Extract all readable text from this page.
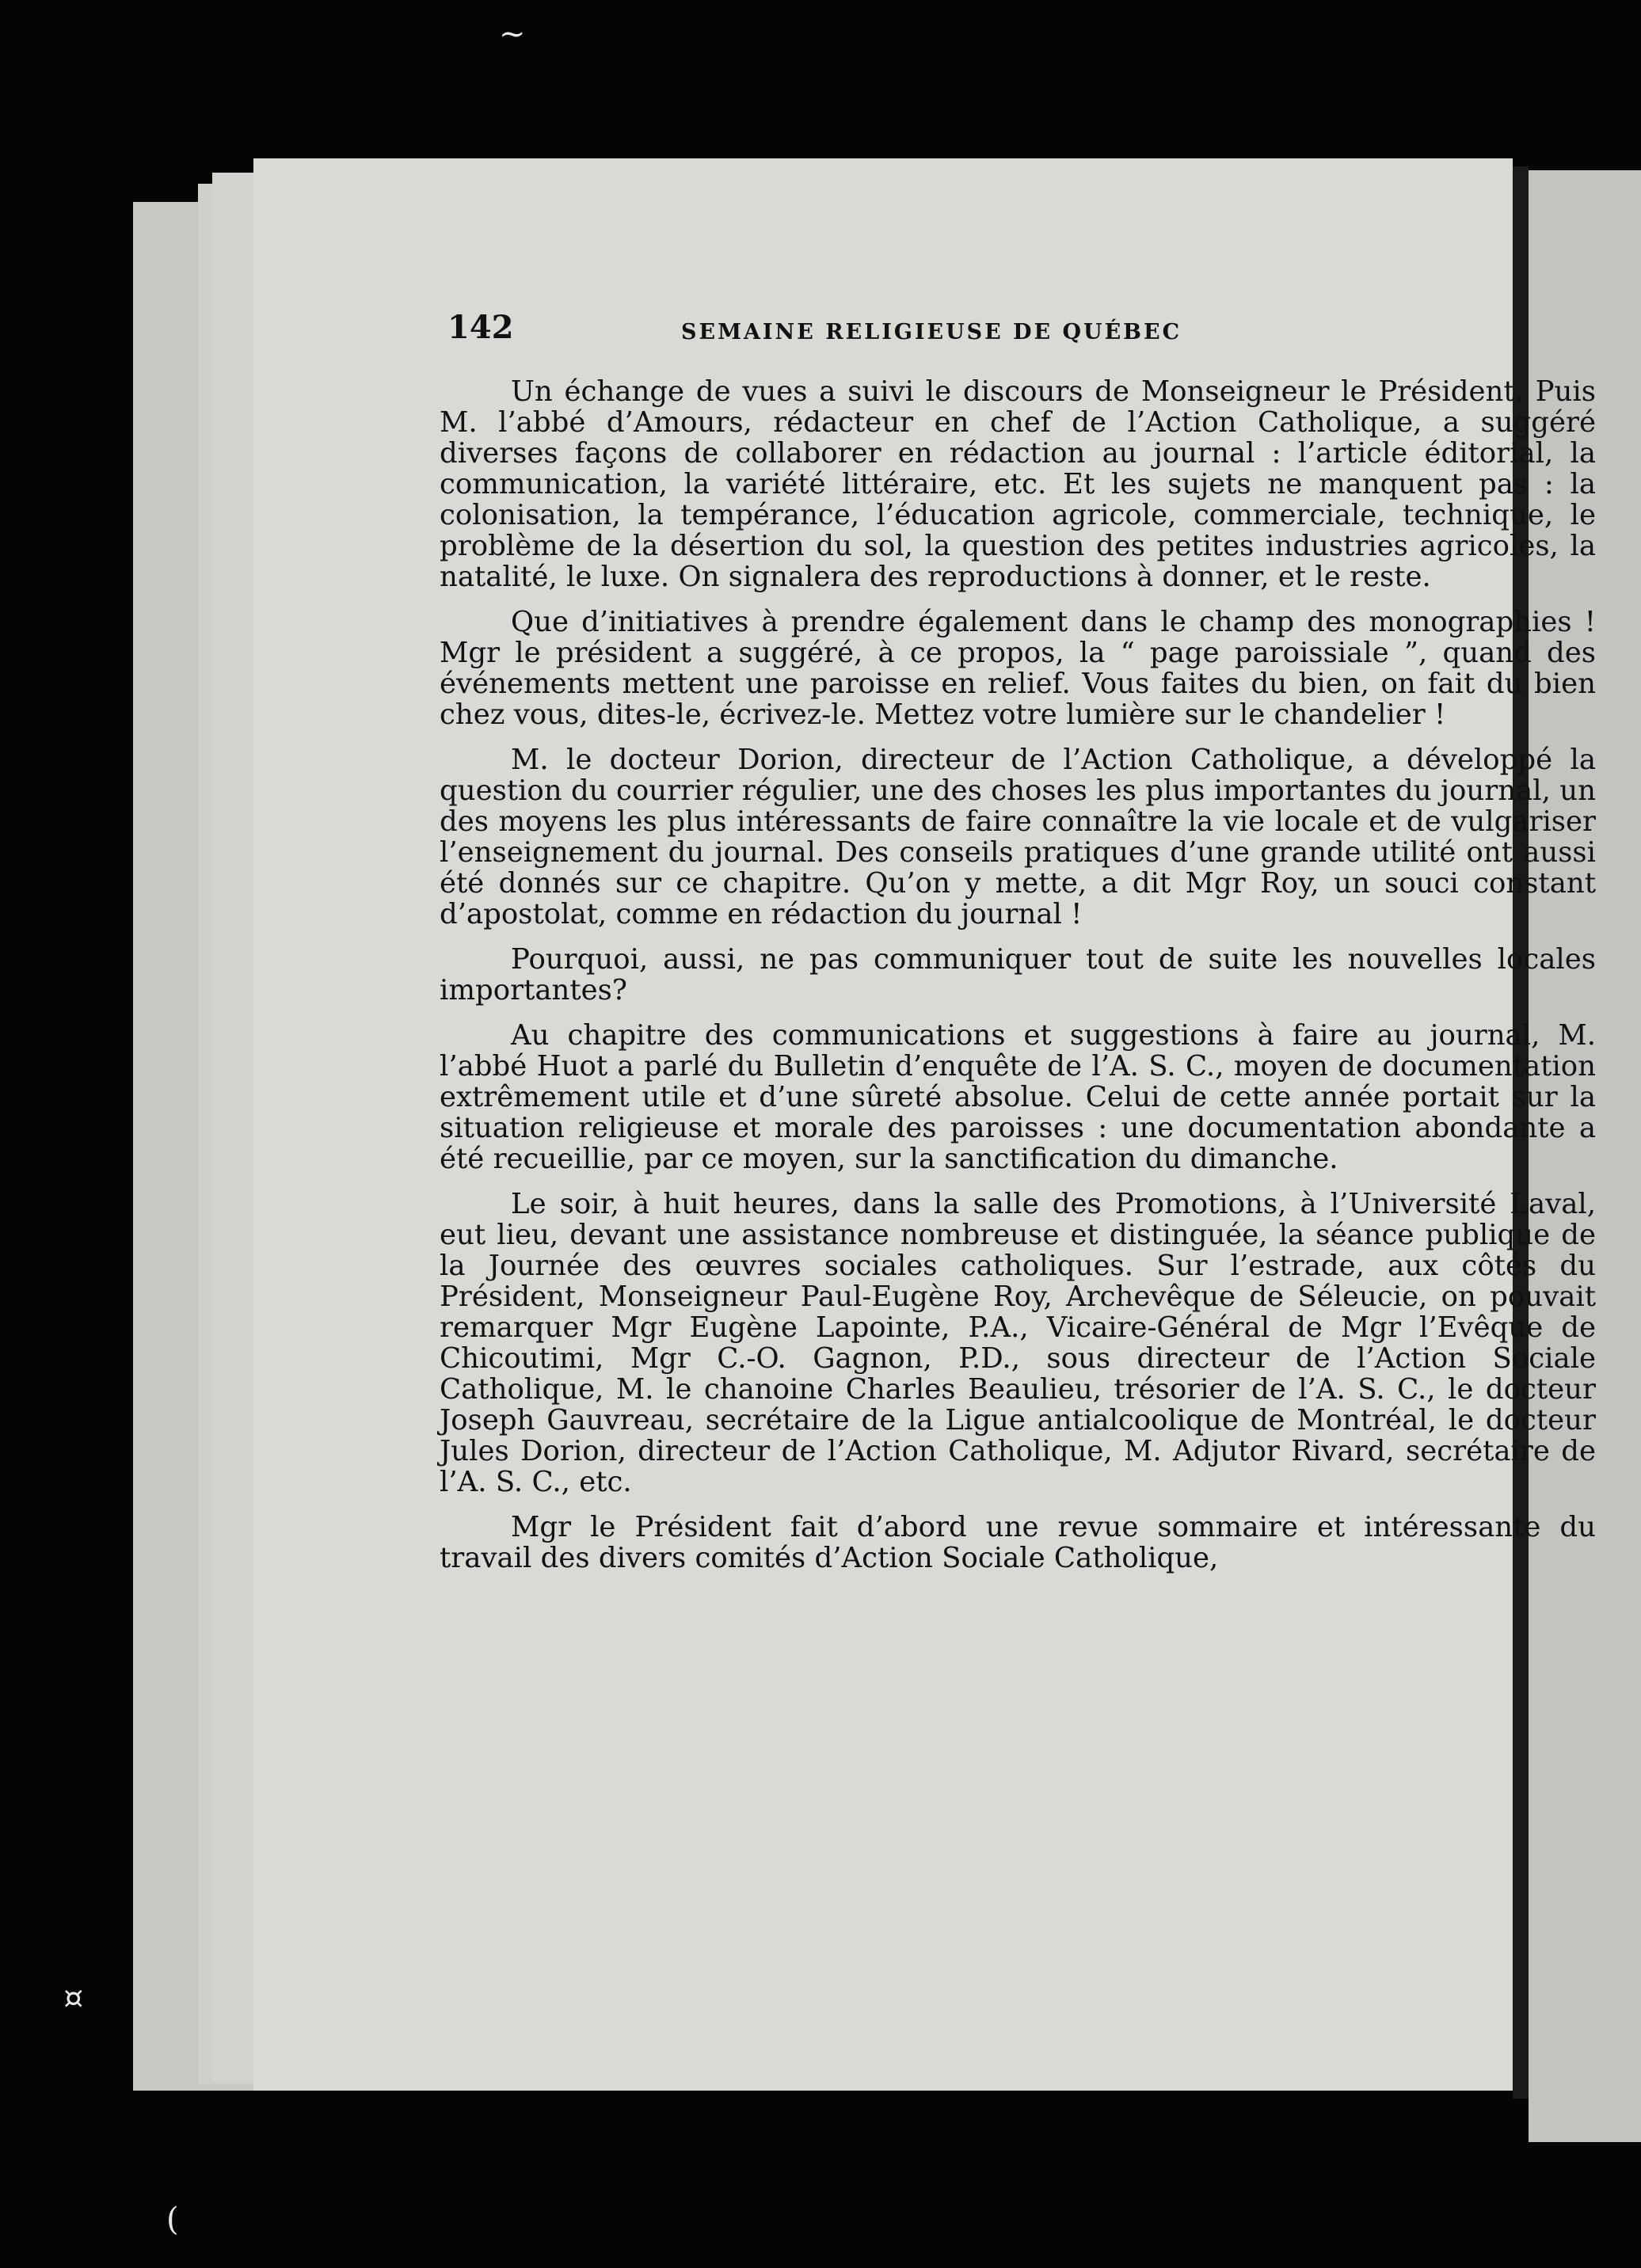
142	SEMAINE RELIGIEUSE DE QUÉBEC

Un échange de vues a suivi le discours de Monseigneur le Président. Puis M. l’abbé d’Amours, rédacteur en chef de l’Action Catholique, a suggéré diverses façons de collaborer en rédaction au journal : l’article éditorial, la communication, la variété littéraire, etc. Et les sujets ne manquent pas : la colonisation, la tempérance, l’éducation agricole, commerciale, technique, le problème de la désertion du sol, la question des petites industries agricoles, la natalité, le luxe. On signalera des reproductions à donner, et le reste.

Que d’initiatives à prendre également dans le champ des monographies ! Mgr le président a suggéré, à ce propos, la “ page paroissiale ”, quand des événements mettent une paroisse en relief. Vous faites du bien, on fait du bien chez vous, dites-le, écrivez-le. Mettez votre lumière sur le chandelier !

M. le docteur Dorion, directeur de l’Action Catholique, a développé la question du courrier régulier, une des choses les plus importantes du journal, un des moyens les plus intéressants de faire connaître la vie locale et de vulgariser l’enseignement du journal. Des conseils pratiques d’une grande utilité ont aussi été donnés sur ce chapitre. Qu’on y mette, a dit Mgr Roy, un souci constant d’apostolat, comme en rédaction du journal !

Pourquoi, aussi, ne pas communiquer tout de suite les nouvelles locales importantes?

Au chapitre des communications et suggestions à faire au journal, M. l’abbé Huot a parlé du Bulletin d’enquête de l’A. S. C., moyen de documentation extrêmement utile et d’une sûreté absolue. Celui de cette année portait sur la situation religieuse et morale des paroisses : une documentation abondante a été recueillie, par ce moyen, sur la sanctification du dimanche.

Le soir, à huit heures, dans la salle des Promotions, à l’Université Laval, eut lieu, devant une assistance nombreuse et distinguée, la séance publique de la Journée des œuvres sociales catholiques. Sur l’estrade, aux côtés du Président, Monseigneur Paul-Eugène Roy, Archevêque de Séleucie, on pouvait remarquer Mgr Eugène Lapointe, P.A., Vicaire-Général de Mgr l’Evêque de Chicoutimi, Mgr C.-O. Gagnon, P.D., sous directeur de l’Action Sociale Catholique, M. le chanoine Charles Beaulieu, trésorier de l’A. S. C., le docteur Joseph Gauvreau, secrétaire de la Ligue antialcoolique de Montréal, le docteur Jules Dorion, directeur de l’Action Catholique, M. Adjutor Rivard, secrétaire de l’A. S. C., etc.

Mgr le Président fait d’abord une revue sommaire et intéressante du travail des divers comités d’Action Sociale Catholique,

~
¤
(
